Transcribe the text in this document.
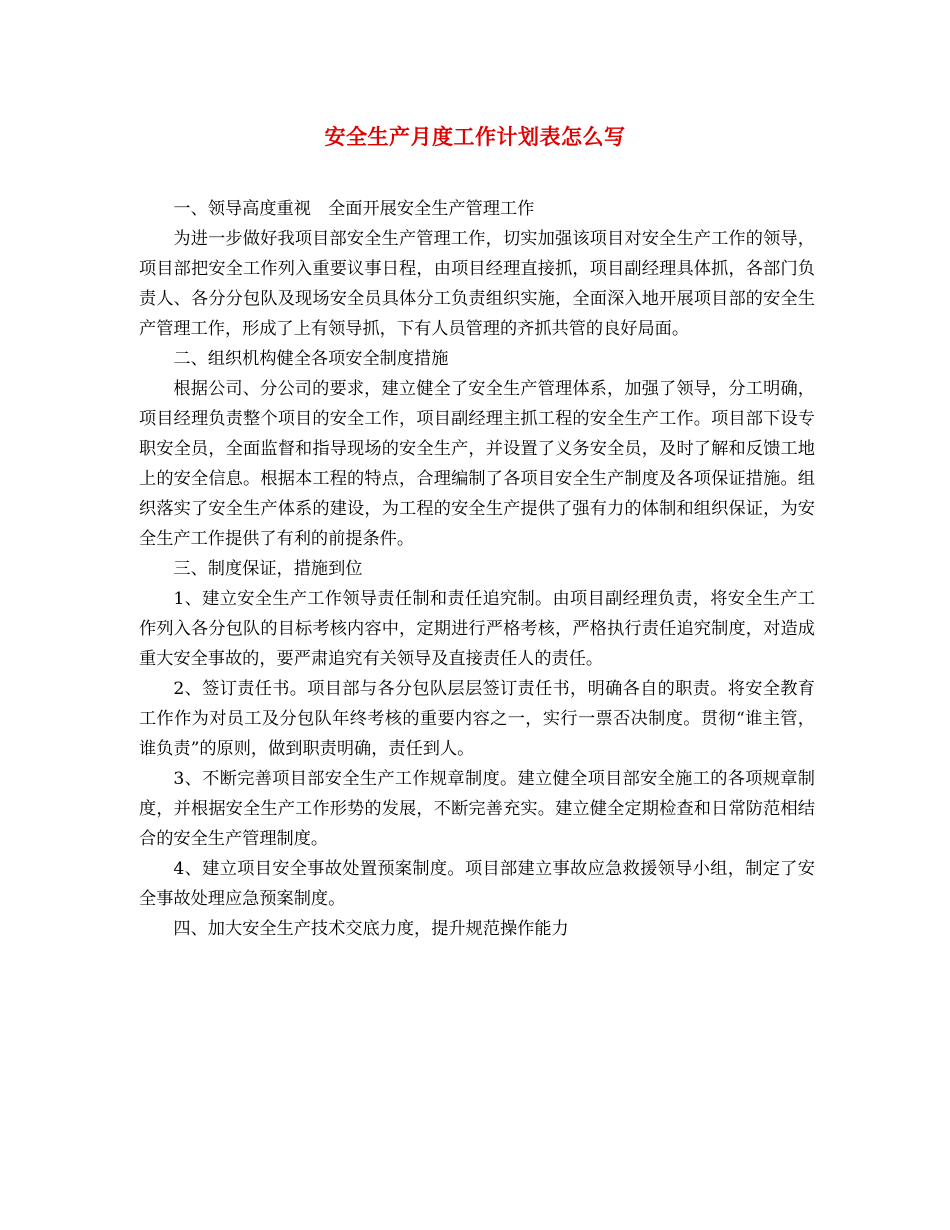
安全生产月度工作计划表怎么写

一、领导高度重视　全面开展安全生产管理工作

为进一步做好我项目部安全生产管理工作，切实加强该项目对安全生产工作的领导，项目部把安全工作列入重要议事日程，由项目经理直接抓，项目副经理具体抓，各部门负责人、各分分包队及现场安全员具体分工负责组织实施，全面深入地开展项目部的安全生产管理工作，形成了上有领导抓，下有人员管理的齐抓共管的良好局面。

二、组织机构健全各项安全制度措施

根据公司、分公司的要求，建立健全了安全生产管理体系，加强了领导，分工明确，项目经理负责整个项目的安全工作，项目副经理主抓工程的安全生产工作。项目部下设专职安全员，全面监督和指导现场的安全生产，并设置了义务安全员，及时了解和反馈工地上的安全信息。根据本工程的特点，合理编制了各项目安全生产制度及各项保证措施。组织落实了安全生产体系的建设，为工程的安全生产提供了强有力的体制和组织保证，为安全生产工作提供了有利的前提条件。

三、制度保证，措施到位

1、建立安全生产工作领导责任制和责任追究制。由项目副经理负责，将安全生产工作列入各分包队的目标考核内容中，定期进行严格考核，严格执行责任追究制度，对造成重大安全事故的，要严肃追究有关领导及直接责任人的责任。

2、签订责任书。项目部与各分包队层层签订责任书，明确各自的职责。将安全教育工作作为对员工及分包队年终考核的重要内容之一，实行一票否决制度。贯彻“谁主管，谁负责”的原则，做到职责明确，责任到人。

3、不断完善项目部安全生产工作规章制度。建立健全项目部安全施工的各项规章制度，并根据安全生产工作形势的发展，不断完善充实。建立健全定期检查和日常防范相结合的安全生产管理制度。

4、建立项目安全事故处置预案制度。项目部建立事故应急救援领导小组，制定了安全事故处理应急预案制度。

四、加大安全生产技术交底力度，提升规范操作能力
